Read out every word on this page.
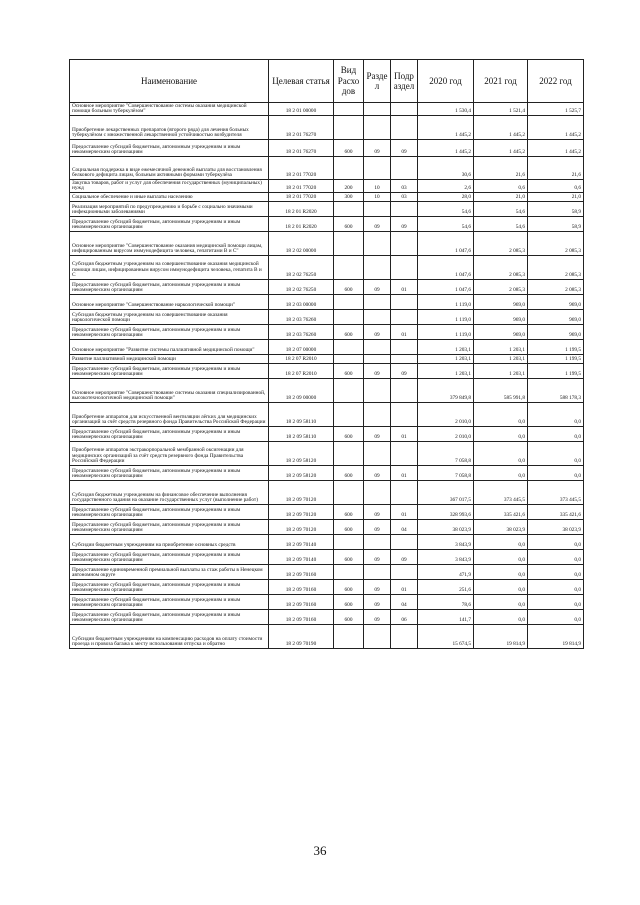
Наименование	Целевая статья	Вид Расхо дов	Разде л	Подр аздел	2020 год	2021 год	2022 год
Основное мероприятие "Совершенствование системы оказания медицинской помощи больным туберкулёзом"	18 2 01 00000				1 530,4	1 521,4	1 525,7
Приобретение лекарственных препаратов (второго ряда) для лечения больных туберкулёзом с множественной лекарственной устойчивостью возбудителя	18 2 01 76270				1 445,2	1 445,2	1 445,2
Предоставление субсидий бюджетным, автономным учреждениям и иным некоммерческим организациям	18 2 01 76270	600	09	09	1 445,2	1 445,2	1 445,2
Социальная поддержка в виде ежемесячной денежной выплаты для восстановления белкового дефицита лицам, больным активными формами туберкулёза	18 2 01 77020				30,6	21,6	21,6
Закупка товаров, работ и услуг для обеспечения государственных (муниципальных) нужд	18 2 01 77020	200	10	03	2,6	0,6	0,6
Социальное обеспечение и иные выплаты населению	18 2 01 77020	300	10	03	28,0	21,0	21,0
Реализация мероприятий по предупреждению и борьбе с социально значимыми инфекционными заболеваниями	18 2 01 R2020				54,6	54,6	58,9
Предоставление субсидий бюджетным, автономным учреждениям и иным некоммерческим организациям	18 2 01 R2020	600	09	09	54,6	54,6	58,9
Основное мероприятие "Совершенствование оказания медицинской помощи лицам, инфицированным вирусом иммунодефицита человека, гепатитами В и С"	18 2 02 00000				1 047,6	2 085,3	2 085,3
Субсидия бюджетным учреждениям на совершенствование оказания медицинской помощи лицам, инфицированным вирусом иммунодефицита человека, гепатита В и С	18 2 02 76250				1 047,6	2 085,3	2 085,3
Предоставление субсидий бюджетным, автономным учреждениям и иным некоммерческим организациям	18 2 02 76250	600	09	01	1 047,6	2 085,3	2 085,3
Основное мероприятие "Совершенствование наркологической помощи"	18 2 03 00000				1 119,0	969,0	969,0
Субсидия бюджетным учреждениям на совершенствование оказания наркологической помощи	18 2 03 76260				1 119,0	969,0	969,0
Предоставление субсидий бюджетным, автономным учреждениям и иным некоммерческим организациям	18 2 03 76260	600	09	01	1 119,0	969,0	969,0
Основное мероприятие "Развитие системы паллиативной медицинской помощи"	18 2 07 00000				1 203,1	1 203,1	1 199,5
Развитие паллиативной медицинской помощи	18 2 07 R2010				1 203,1	1 203,1	1 199,5
Предоставление субсидий бюджетным, автономным учреждениям и иным некоммерческим организациям	18 2 07 R2010	600	09	09	1 203,1	1 203,1	1 199,5
Основное мероприятие "Совершенствование системы оказания специализированной, высокотехнологичной медицинской помощи"	18 2 09 00000				379 849,8	585 991,8	588 178,3
Приобретение аппаратов для искусственной вентиляции лёгких для медицинских организаций за счёт средств резервного фонда Правительства Российской Федерации	18 2 09 58110				2 010,0	0,0	0,0
Предоставление субсидий бюджетным, автономным учреждениям и иным некоммерческим организациям	18 2 09 58110	600	09	01	2 010,0	0,0	0,0
Приобретение аппаратов экстракорпоральной мембранной оксигенации для медицинских организаций за счёт средств резервного фонда Правительства Российской Федерации	18 2 09 58120				7 058,8	0,0	0,0
Предоставление субсидий бюджетным, автономным учреждениям и иным некоммерческим организациям	18 2 09 58120	600	09	01	7 058,8	0,0	0,0
Субсидия бюджетным учреждениям на финансовое обеспечение выполнения государственного задания на оказание государственных услуг (выполнение работ)	18 2 09 70120				367 017,5	373 445,5	373 445,5
Предоставление субсидий бюджетным, автономным учреждениям и иным некоммерческим организациям	18 2 09 70120	600	09	01	328 993,6	335 421,6	335 421,6
Предоставление субсидий бюджетным, автономным учреждениям и иным некоммерческим организациям	18 2 09 70120	600	09	04	38 023,9	38 023,9	38 023,9
Субсидии бюджетным учреждениям на приобретение основных средств	18 2 09 70140				3 843,9	0,0	0,0
Предоставление субсидий бюджетным, автономным учреждениям и иным некоммерческим организациям	18 2 09 70140	600	09	09	3 843,9	0,0	0,0
Предоставление единовременной премиальной выплаты за стаж работы в Ненецком автономном округе	18 2 09 70160				471,9	0,0	0,0
Предоставление субсидий бюджетным, автономным учреждениям и иным некоммерческим организациям	18 2 09 70160	600	09	01	251,6	0,0	0,0
Предоставление субсидий бюджетным, автономным учреждениям и иным некоммерческим организациям	18 2 09 70160	600	09	04	78,6	0,0	0,0
Предоставление субсидий бюджетным, автономным учреждениям и иным некоммерческим организациям	18 2 09 70160	600	09	06	141,7	0,0	0,0
Субсидии бюджетным учреждениям на компенсацию расходов на оплату стоимости проезда и провоза багажа к месту использования отпуска и обратно	18 2 09 70190				15 674,5	19 814,9	19 814,9
36
